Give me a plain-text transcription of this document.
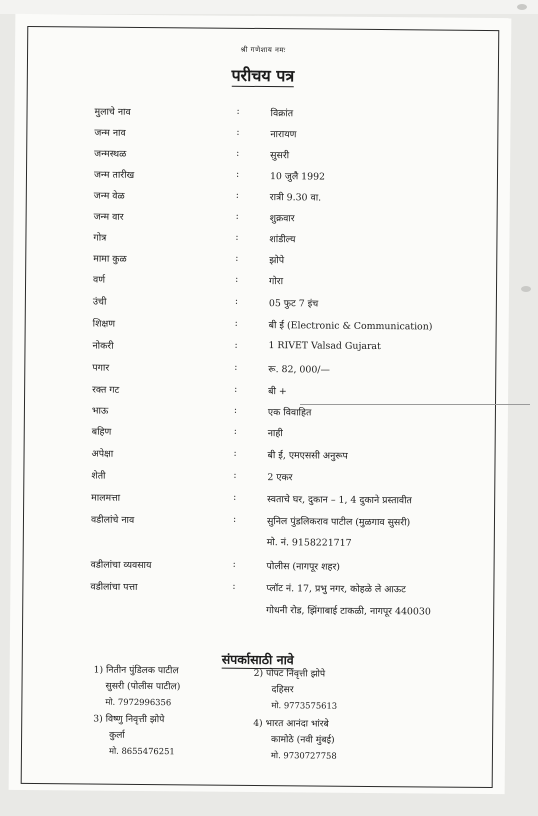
श्री गणेशाय नमः
परीचय पत्र
मुलाचे नाव	:	विक्रांत
जन्म नाव	:	नारायण
जन्मस्थळ	:	सुसरी
जन्म तारीख	:	10 जुलै 1992
जन्म वेळ	:	रात्री 9.30 वा.
जन्म वार	:	शुक्रवार
गोत्र	:	शांडील्य
मामा कुळ	:	झोपे
वर्ण	:	गोरा
उंची	:	05 फुट 7 इंच
शिक्षण	:	बी ई (Electronic & Communication)
नोकरी	:	1 RIVET Valsad Gujarat
पगार	:	रू. 82, 000/—
रक्त गट	:	बी +
भाऊ	:	एक विवाहित
बहिण	:	नाही
अपेक्षा	:	बी ई, एमएससी अनुरूप
शेती	:	2 एकर
मालमत्ता	:	स्वताचे घर, दुकान – 1, 4 दुकाने प्रस्तावीत
वडीलांचे नाव	:	सुनिल पुंडलिकराव पाटील (मुळगाव सुसरी)
मो. नं. 9158221717
वडीलांचा व्यवसाय	:	पोलीस (नागपूर शहर)
वडीलांचा पत्ता	:	प्लॉट नं. 17, प्रभु नगर, कोहळे ले आऊट
गोधनी रोड, झिंगाबाई टाकळी, नागपूर 440030
संपर्कासाठी नावे
1) नितीन पुंडिलक पाटील
सुसरी (पोलीस पाटील)
मो. 7972996356
3) विष्णु निवृत्ती झोपे
कुर्ला
मो. 8655476251
2) पोपट निवृत्ती झोपे
दहिसर
मो. 9773575613
4) भारत आनंदा भांरबे
कामोठे (नवी मुंबई)
मो. 9730727758
